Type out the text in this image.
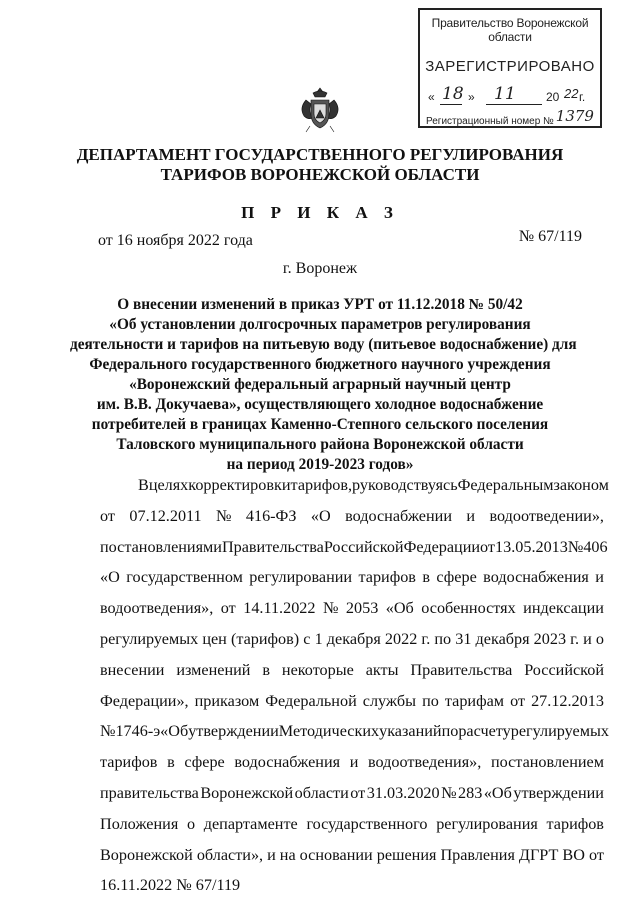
Правительство Воронежской области
ЗАРЕГИСТРИРОВАНО
« 18 » 11	20 22 г.
Регистрационный номер № 1379
ДЕПАРТАМЕНТ ГОСУДАРСТВЕННОГО РЕГУЛИРОВАНИЯ
ТАРИФОВ ВОРОНЕЖСКОЙ ОБЛАСТИ
П Р И К А З
от 16 ноября 2022 года	№ 67/119
г. Воронеж
О внесении изменений в приказ УРТ от 11.12.2018 № 50/42
«Об установлении долгосрочных параметров регулирования
деятельности и тарифов на питьевую воду (питьевое водоснабжение) для
Федерального государственного бюджетного научного учреждения
«Воронежский федеральный аграрный научный центр
им. В.В. Докучаева», осуществляющего холодное водоснабжение
потребителей в границах Каменно-Степного сельского поселения
Таловского муниципального района Воронежской области
на период 2019-2023 годов»
В целях корректировки тарифов, руководствуясь Федеральным законом
от 07.12.2011 № 416-ФЗ «О водоснабжении и водоотведении»,
постановлениями Правительства Российской Федерации от 13.05.2013 № 406
«О государственном регулировании тарифов в сфере водоснабжения и
водоотведения», от 14.11.2022 № 2053 «Об особенностях индексации
регулируемых цен (тарифов) с 1 декабря 2022 г. по 31 декабря 2023 г. и о
внесении изменений в некоторые акты Правительства Российской
Федерации», приказом Федеральной службы по тарифам от 27.12.2013
№ 1746-э «Об утверждении Методических указаний по расчету регулируемых
тарифов в сфере водоснабжения и водоотведения», постановлением
правительства Воронежской области от 31.03.2020 № 283 «Об утверждении
Положения о департаменте государственного регулирования тарифов
Воронежской области», и на основании решения Правления ДГРТ ВО от
16.11.2022 № 67/119
